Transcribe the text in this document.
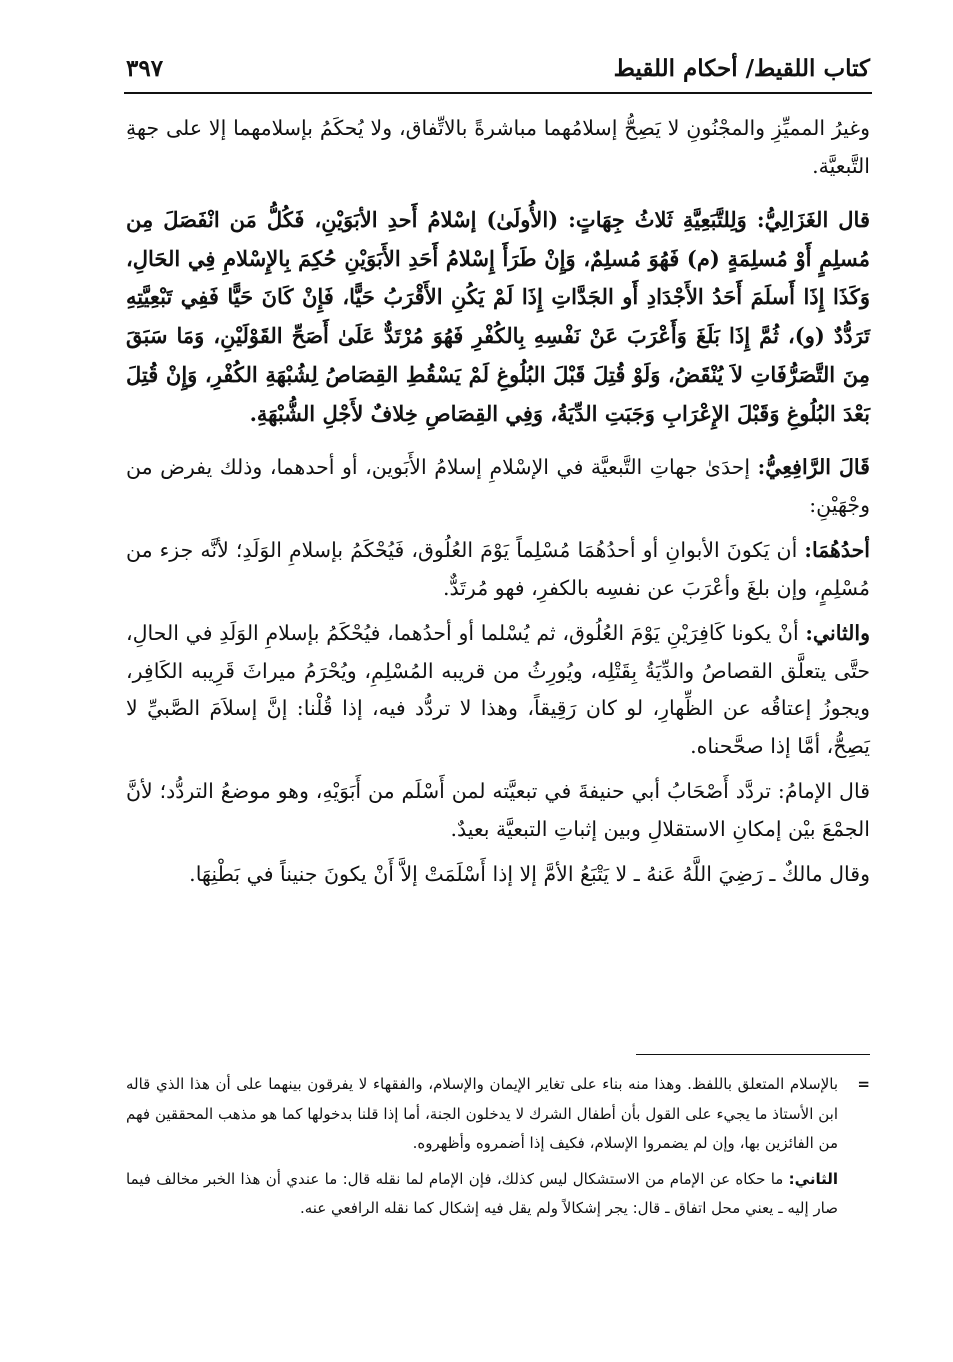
كتاب اللقيط/ أحكام اللقيط
٣٩٧

وغيرُ المميِّزِ والمجْنُونِ لا يَصِحُّ إسلامُهما مباشرةً بالاتِّفاق، ولا يُحكَمُ بإسلامهما إلا على جهةِ التَّبعيَّة.

قال الغَزَالِيُّ: وَلِلتَّبَعِيَّةِ ثَلاثُ جِهَاتٍ: (الأُولَىٰ) إسْلامُ أَحدِ الأبَوَيْنِ، فَكُلُّ مَن انْفَصَلَ مِن مُسلِمٍ أَوْ مُسلِمَةٍ (م) فَهُوَ مُسلِمٌ، وَإِنْ طَرَأَ إِسْلامُ أَحَدِ الأَبَوَيْنِ حُكِمَ بِالإِسْلامِ فِي الحَالِ، وَكَذَا إِذَا أَسلَمَ أَحَدُ الأَجْدَادِ أَو الجَدَّاتِ إِذَا لَمْ يَكُنِ الأَقْرَبُ حَيًّا، فَإِنْ كَانَ حَيًّا فَفِي تَبْعِيَّتِهِ تَرَدُّدٌ (و)، ثُمَّ إِذَا بَلَغَ وَأَعْرَبَ عَنْ نَفْسِهِ بِالكُفْرِ فَهُوَ مُرْتَدٌّ عَلَىٰ أَصَحِّ القَوْلَيْنِ، وَمَا سَبَقَ مِنَ التَّصَرُّفَاتِ لاَ يُنْقَضُ، وَلَوْ قُتِلَ قَبْلَ البُلُوغِ لَمْ يَسْقُطِ القِصَاصُ لِشُبْهَةِ الكُفْرِ، وَإِنْ قُتِلَ بَعْدَ البُلُوغِ وَقَبْلَ الإِعْرَابِ وَجَبَتِ الدِّيَةُ، وَفِي القِصَاصِ خِلافٌ لأَجْلِ الشُّبْهَةِ.

قَالَ الرَّافِعِيُّ: إحدَىٰ جهاتِ التَّبعيَّة في الإسْلامِ إسلامُ الأَبَوين، أو أحدهما، وذلك يفرض من وجْهَيْنِ:

أحدُهُمَا: أن يَكونَ الأبوانِ أو أحدُهُمَا مُسْلِماً يَوْمَ العُلُوق، فَيُحْكَمُ بإسلامِ الوَلَدِ؛ لأنَّه جزء من مُسْلِمٍ، وإن بلغَ وأعْرَبَ عن نفسِه بالكفرِ، فهو مُرتَدٌّ.

والثاني: أنْ يكونا كَافِرَيْنِ يَوْمَ العُلُوق، ثم يُسْلما أو أحدُهما، فيُحْكَمُ بإسلامِ الوَلَدِ في الحالِ، حتَّى يتعلَّق القصاصُ والدِّيَةُ بِقَتْلِه، ويُورِثُ من قريبه المُسْلِمِ، ويُحْرَمُ ميراثَ قَرِيبه الكَافِر، ويجوزُ إعتاقُه عن الظِّهارِ، لو كان رَقِيقاً، وهذا لا تردُّد فيه، إذا قُلْنا: إنَّ إسلاَمَ الصَّبيِّ لا يَصِحُّ، أمَّا إذا صحَّحناه.

قال الإمامُ: تردَّد أَصْحَابُ أبي حنيفةَ في تبعيَّته لمن أَسْلَم من أَبَوَيْهِ، وهو موضعُ التردُّد؛ لأنَّ الجمْعَ بيْن إمكانِ الاستقلالِ وبين إثباتِ التبعيَّة بعيدٌ.

وقال مالكٌ ـ رَضِيَ اللَّهُ عَنهُ ـ لا يَتْبَعُ الأمَّ إلا إذا أَسْلَمَتْ إلاَّ أَنْ يكونَ جنيناً في بَطْنِهَا.

=
بالإسلام المتعلق باللفظ. وهذا منه بناء على تغاير الإيمان والإسلام، والفقهاء لا يفرقون بينهما على أن هذا الذي قاله ابن الأستاذ ما يجيء على القول بأن أطفال الشرك لا يدخلون الجنة، أما إذا قلنا بدخولها كما هو مذهب المحققين فهم من الفائزين بها، وإن لم يضمروا الإسلام، فكيف إذا أضمروه وأظهروه.

الثاني: ما حكاه عن الإمام من الاستشكال ليس كذلك، فإن الإمام لما نقله قال: ما عندي أن هذا الخبر مخالف فيما صار إليه ـ يعني محل اتفاق ـ قال: يجر إشكالاً ولم يقل فيه إشكال كما نقله الرافعي عنه.
